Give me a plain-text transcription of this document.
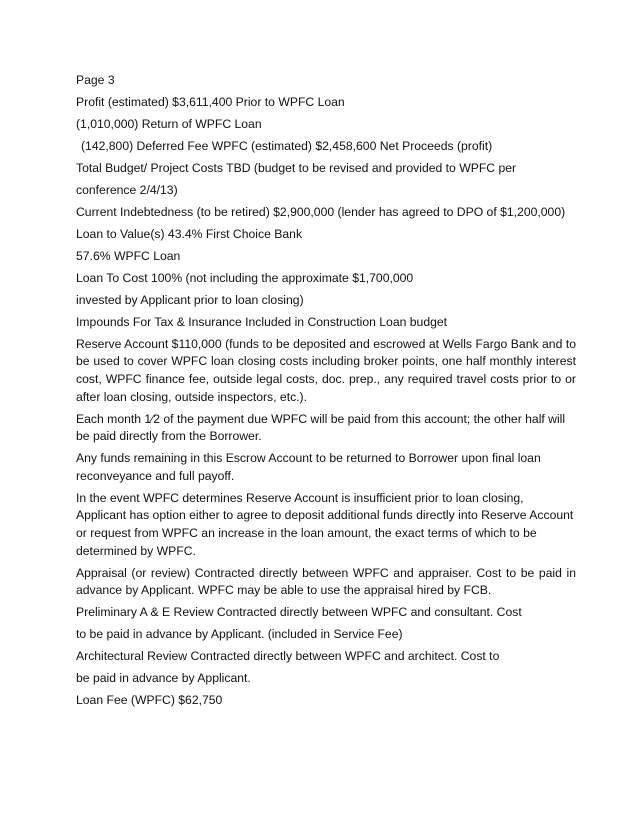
Page 3

Profit (estimated) $3,611,400 Prior to WPFC Loan

(1,010,000) Return of WPFC Loan

(142,800) Deferred Fee WPFC (estimated) $2,458,600 Net Proceeds (profit)

Total Budget/ Project Costs TBD (budget to be revised and provided to WPFC per

conference 2/4/13)

Current Indebtedness (to be retired) $2,900,000 (lender has agreed to DPO of $1,200,000)

Loan to Value(s) 43.4% First Choice Bank

57.6% WPFC Loan

Loan To Cost 100% (not including the approximate $1,700,000

invested by Applicant prior to loan closing)

Impounds For Tax & Insurance Included in Construction Loan budget

Reserve Account $110,000 (funds to be deposited and escrowed at Wells Fargo Bank and to be used to cover WPFC loan closing costs including broker points, one half monthly interest cost, WPFC finance fee, outside legal costs, doc. prep., any required travel costs prior to or after loan closing, outside inspectors, etc.).

Each month 1⁄2 of the payment due WPFC will be paid from this account; the other half will be paid directly from the Borrower.

Any funds remaining in this Escrow Account to be returned to Borrower upon final loan reconveyance and full payoff.

In the event WPFC determines Reserve Account is insufficient prior to loan closing, Applicant has option either to agree to deposit additional funds directly into Reserve Account or request from WPFC an increase in the loan amount, the exact terms of which to be determined by WPFC.

Appraisal (or review) Contracted directly between WPFC and appraiser. Cost to be paid in advance by Applicant. WPFC may be able to use the appraisal hired by FCB.

Preliminary A & E Review Contracted directly between WPFC and consultant. Cost

to be paid in advance by Applicant. (included in Service Fee)

Architectural Review Contracted directly between WPFC and architect. Cost to

be paid in advance by Applicant.

Loan Fee (WPFC) $62,750
